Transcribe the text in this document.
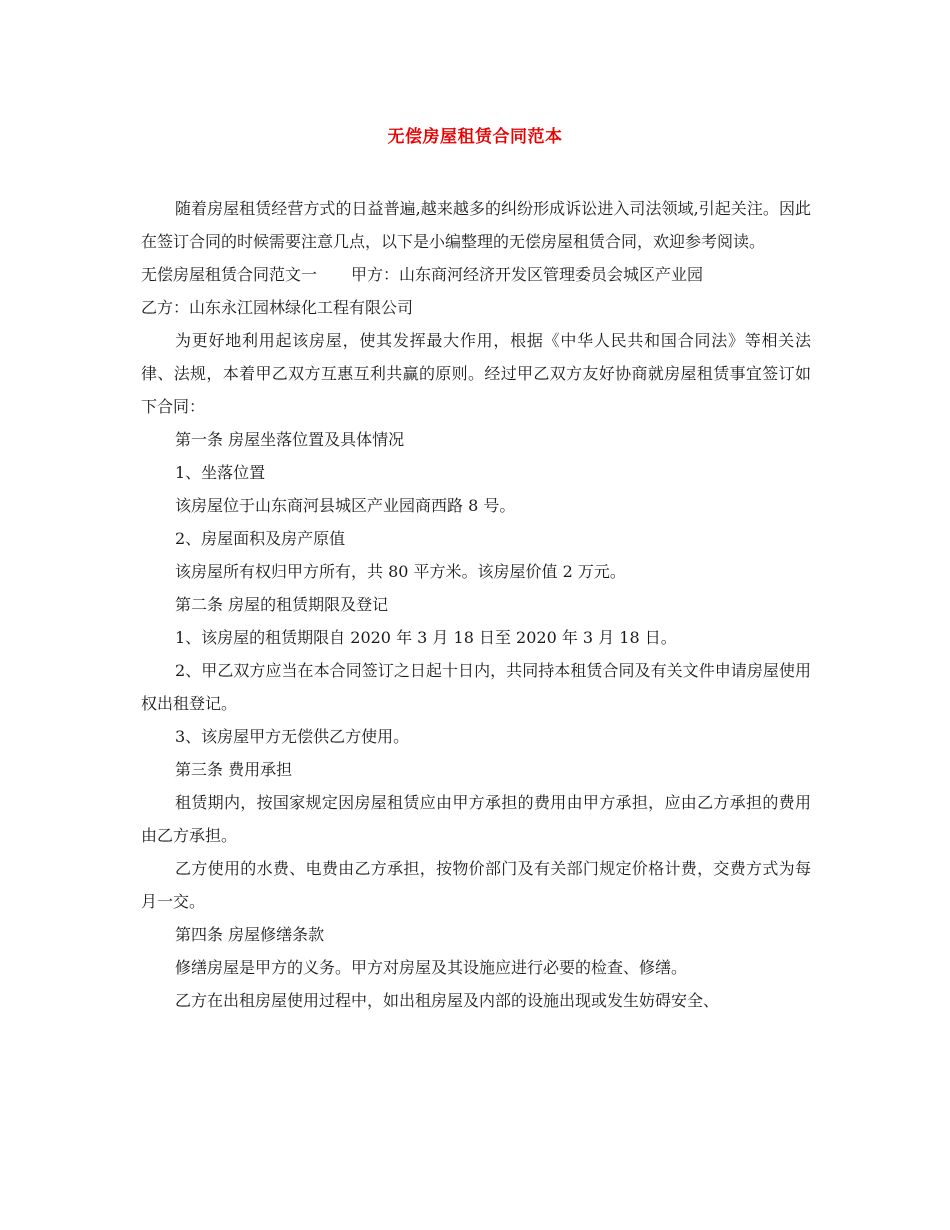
无偿房屋租赁合同范本

随着房屋租赁经营方式的日益普遍,越来越多的纠纷形成诉讼进入司法领域,引起关注。因此在签订合同的时候需要注意几点，以下是小编整理的无偿房屋租赁合同，欢迎参考阅读。

无偿房屋租赁合同范文一 甲方：山东商河经济开发区管理委员会城区产业园

乙方：山东永江园林绿化工程有限公司

为更好地利用起该房屋，使其发挥最大作用，根据《中华人民共和国合同法》等相关法律、法规，本着甲乙双方互惠互利共赢的原则。经过甲乙双方友好协商就房屋租赁事宜签订如下合同：

第一条 房屋坐落位置及具体情况

1、坐落位置

该房屋位于山东商河县城区产业园商西路 8 号。

2、房屋面积及房产原值

该房屋所有权归甲方所有，共 80 平方米。该房屋价值 2 万元。

第二条 房屋的租赁期限及登记

1、该房屋的租赁期限自 2020 年 3 月 18 日至 2020 年 3 月 18 日。

2、甲乙双方应当在本合同签订之日起十日内，共同持本租赁合同及有关文件申请房屋使用权出租登记。

3、该房屋甲方无偿供乙方使用。

第三条 费用承担

租赁期内，按国家规定因房屋租赁应由甲方承担的费用由甲方承担，应由乙方承担的费用由乙方承担。

乙方使用的水费、电费由乙方承担，按物价部门及有关部门规定价格计费，交费方式为每月一交。

第四条 房屋修缮条款

修缮房屋是甲方的义务。甲方对房屋及其设施应进行必要的检查、修缮。

乙方在出租房屋使用过程中，如出租房屋及内部的设施出现或发生妨碍安全、
